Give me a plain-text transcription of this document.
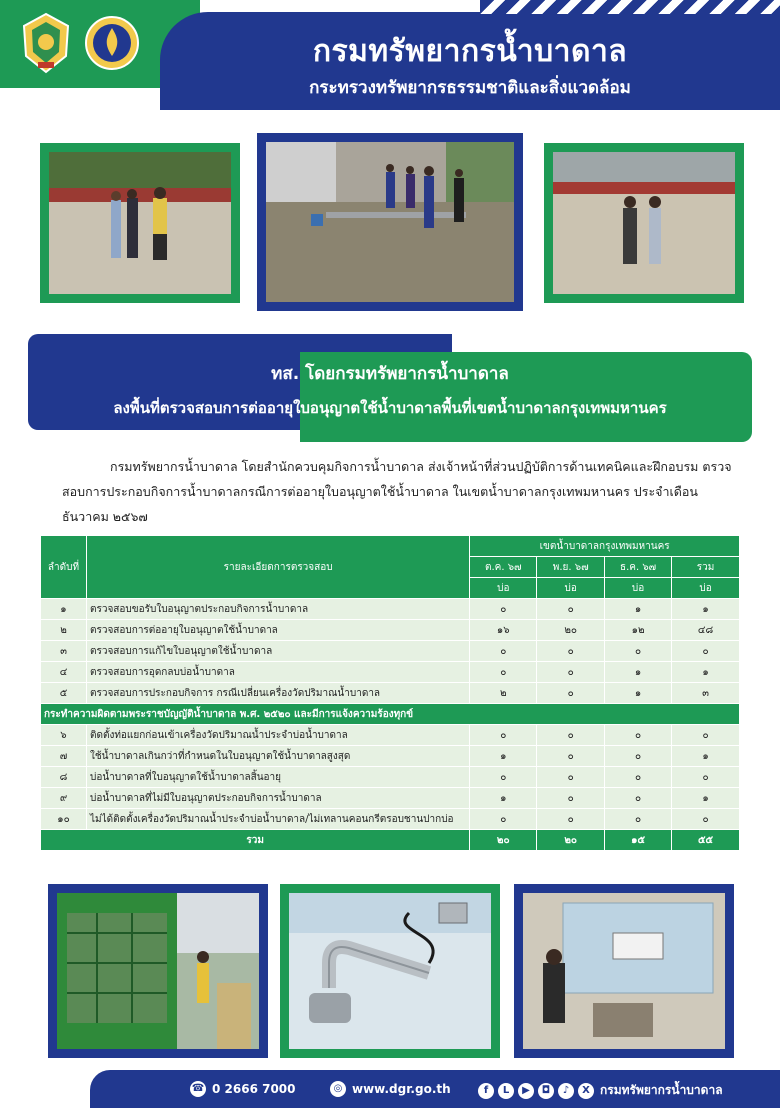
กรมทรัพยากรน้ำบาดาล
กระทรวงทรัพยากรธรรมชาติและสิ่งแวดล้อม
ทส. โดยกรมทรัพยากรน้ำบาดาล
ลงพื้นที่ตรวจสอบการต่ออายุใบอนุญาตใช้น้ำบาดาลพื้นที่เขตน้ำบาดาลกรุงเทพมหานคร

กรมทรัพยากรน้ำบาดาล โดยสำนักควบคุมกิจการน้ำบาดาล ส่งเจ้าหน้าที่ส่วนปฏิบัติการด้านเทคนิคและฝึกอบรม ตรวจสอบการประกอบกิจการน้ำบาดาลกรณีการต่ออายุใบอนุญาตใช้น้ำบาดาล ในเขตน้ำบาดาลกรุงเทพมหานคร ประจำเดือน ธันวาคม ๒๕๖๗

ลำดับที่	รายละเอียดการตรวจสอบ	เขตน้ำบาดาลกรุงเทพมหานคร			
		ต.ค. ๖๗	พ.ย. ๖๗	ธ.ค. ๖๗	รวม
		บ่อ	บ่อ	บ่อ	บ่อ
๑	ตรวจสอบขอรับใบอนุญาตประกอบกิจการน้ำบาดาล	๐	๐	๑	๑
๒	ตรวจสอบการต่ออายุใบอนุญาตใช้น้ำบาดาล	๑๖	๒๐	๑๒	๔๘
๓	ตรวจสอบการแก้ไขใบอนุญาตใช้น้ำบาดาล	๐	๐	๐	๐
๔	ตรวจสอบการอุดกลบบ่อน้ำบาดาล	๐	๐	๑	๑
๕	ตรวจสอบการประกอบกิจการ กรณีเปลี่ยนเครื่องวัดปริมาณน้ำบาดาล	๒	๐	๑	๓
กระทำความผิดตามพระราชบัญญัติน้ำบาดาล พ.ศ. ๒๕๒๐ และมีการแจ้งความร้องทุกข์					
๖	ติดตั้งท่อแยกก่อนเข้าเครื่องวัดปริมาณน้ำประจำบ่อน้ำบาดาล	๐	๐	๐	๐
๗	ใช้น้ำบาดาลเกินกว่าที่กำหนดในใบอนุญาตใช้น้ำบาดาลสูงสุด	๑	๐	๐	๑
๘	บ่อน้ำบาดาลที่ใบอนุญาตใช้น้ำบาดาลสิ้นอายุ	๐	๐	๐	๐
๙	บ่อน้ำบาดาลที่ไม่มีใบอนุญาตประกอบกิจการน้ำบาดาล	๑	๐	๐	๑
๑๐	ไม่ได้ติดตั้งเครื่องวัดปริมาณน้ำประจำบ่อน้ำบาดาล/ไม่เทลานคอนกรีตรอบชานปากบ่อ	๐	๐	๐	๐
รวม		๒๐	๒๐	๑๕	๕๕
☎ 0 2666 7000	◎ www.dgr.go.th	f	L	▶	◘	♪	X กรมทรัพยากรน้ำบาดาล
